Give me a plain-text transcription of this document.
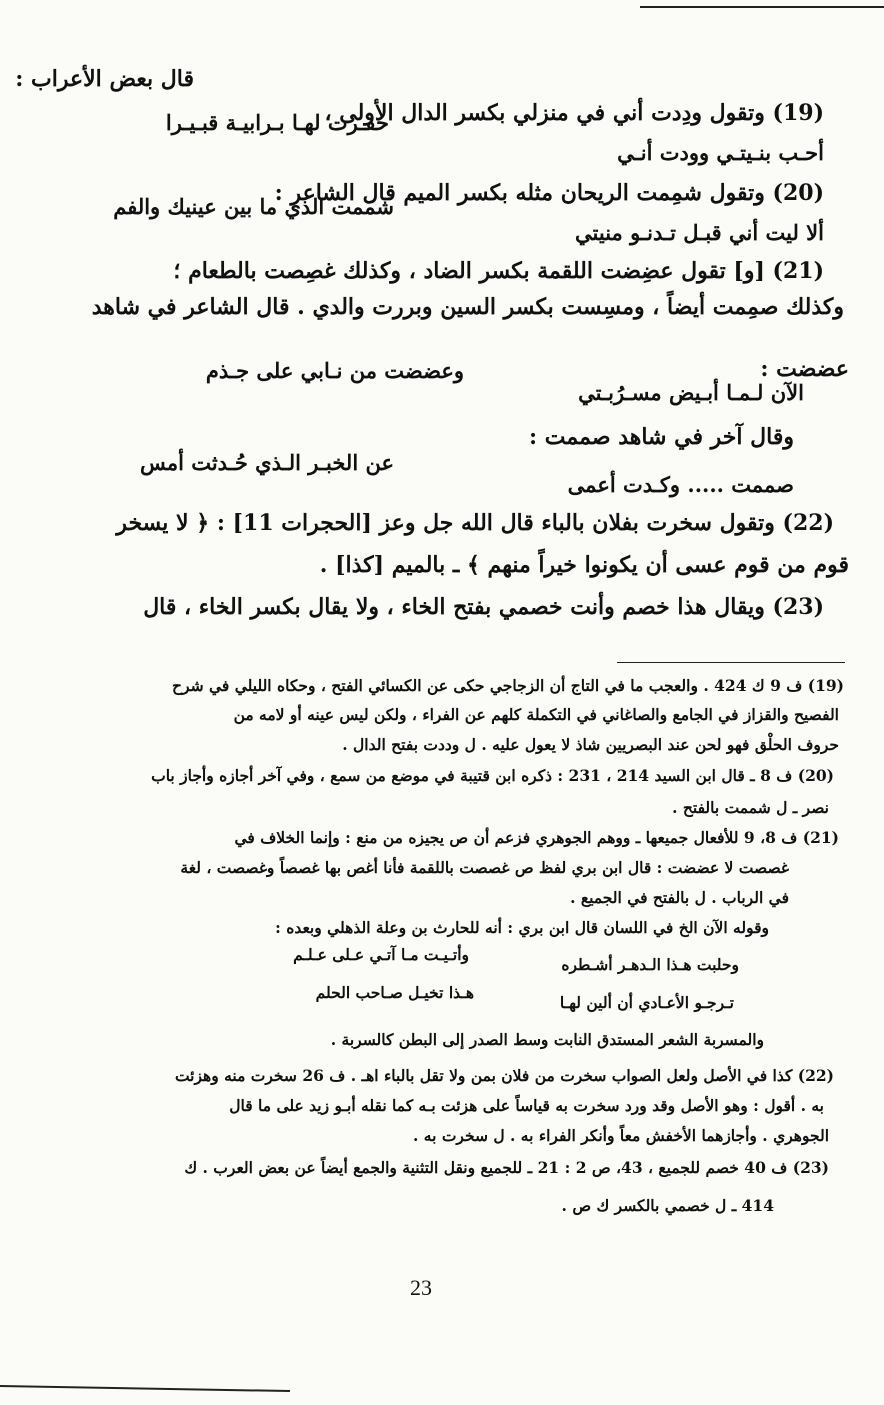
قال بعض الأعراب :
(19) وتقول ودِدت أني في منزلي بكسر الدال الأولى ،
أحـب بنـيتـي وودت أنـي
حفـرت لهـا بـرابيـة قبـيـرا
(20) وتقول شمِمت الريحان مثله بكسر الميم قال الشاعر :
ألا ليت أني قبـل تـدنـو منيتي
شممت الذي ما بين عينيك والفم
(21) [و] تقول عضِضت اللقمة بكسر الضاد ، وكذلك غصِصت بالطعام ؛
وكذلك صمِمت أيضاً ، ومسِست بكسر السين وبررت والدي . قال الشاعر في شاهد
عضضت :
الآن لـمـا أبـيض مسـرُبـتي
وعضضت من نـابي على جـذم
وقال آخر في شاهد صممت :
صممت ..... وكـدت أعمى
عن الخبـر الـذي حُـدثت أمس
(22) وتقول سخرت بفلان بالباء قال الله جل وعز [الحجرات 11] : ﴿ لا يسخر
قوم من قوم عسى أن يكونوا خيراً منهم ﴾ ـ بالميم [كذا] .
(23) ويقال هذا خصم وأنت خصمي بفتح الخاء ، ولا يقال بكسر الخاء ، قال
(19) ف 9 ك 424 . والعجب ما في التاج أن الزجاجي حكى عن الكسائي الفتح ، وحكاه الليلي في شرح
الفصيح والقزاز في الجامع والصاغاني في التكملة كلهم عن الفراء ، ولكن ليس عينه أو لامه من
حروف الحلْق فهو لحن عند البصريين شاذ لا يعول عليه . ل وددت بفتح الدال .
(20) ف 8 ـ قال ابن السيد 214 ، 231 : ذكره ابن قتيبة في موضع من سمع ، وفي آخر أجازه وأجاز باب
نصر ـ ل شممت بالفتح .
(21) ف 8، 9 للأفعال جميعها ـ ووهم الجوهري فزعم أن ص يجيزه من منع : وإنما الخلاف في
غصصت لا عضضت : قال ابن بري لفظ ص غصصت باللقمة فأنا أغص بها غصصاً وغصصت ، لغة
في الرباب . ل بالفتح في الجميع .
وقوله الآن الخ في اللسان قال ابن بري : أنه للحارث بن وعلة الذهلي وبعده :
وحلبت هـذا الـدهـر أشـطره
وأتـيـت مـا آتـي عـلى عـلـم
تـرجـو الأعـادي أن ألين لهـا
هـذا تخيـل صـاحب الحلم
والمسربة الشعر المستدق النابت وسط الصدر إلى البطن كالسربة .
(22) كذا في الأصل ولعل الصواب سخرت من فلان بمن ولا تقل بالباء اهـ . ف 26 سخرت منه وهزئت
به . أقول : وهو الأصل وقد ورد سخرت به قياساً على هزئت بـه كما نقله أبـو زيد على ما قال
الجوهري . وأجازهما الأخفش معاً وأنكر الفراء به . ل سخرت به .
(23) ف 40 خصم للجميع ، 43، ص 2 : 21 ـ للجميع ونقل التثنية والجمع أيضاً عن بعض العرب . ك
414 ـ ل خصمي بالكسر ك ص .
23
